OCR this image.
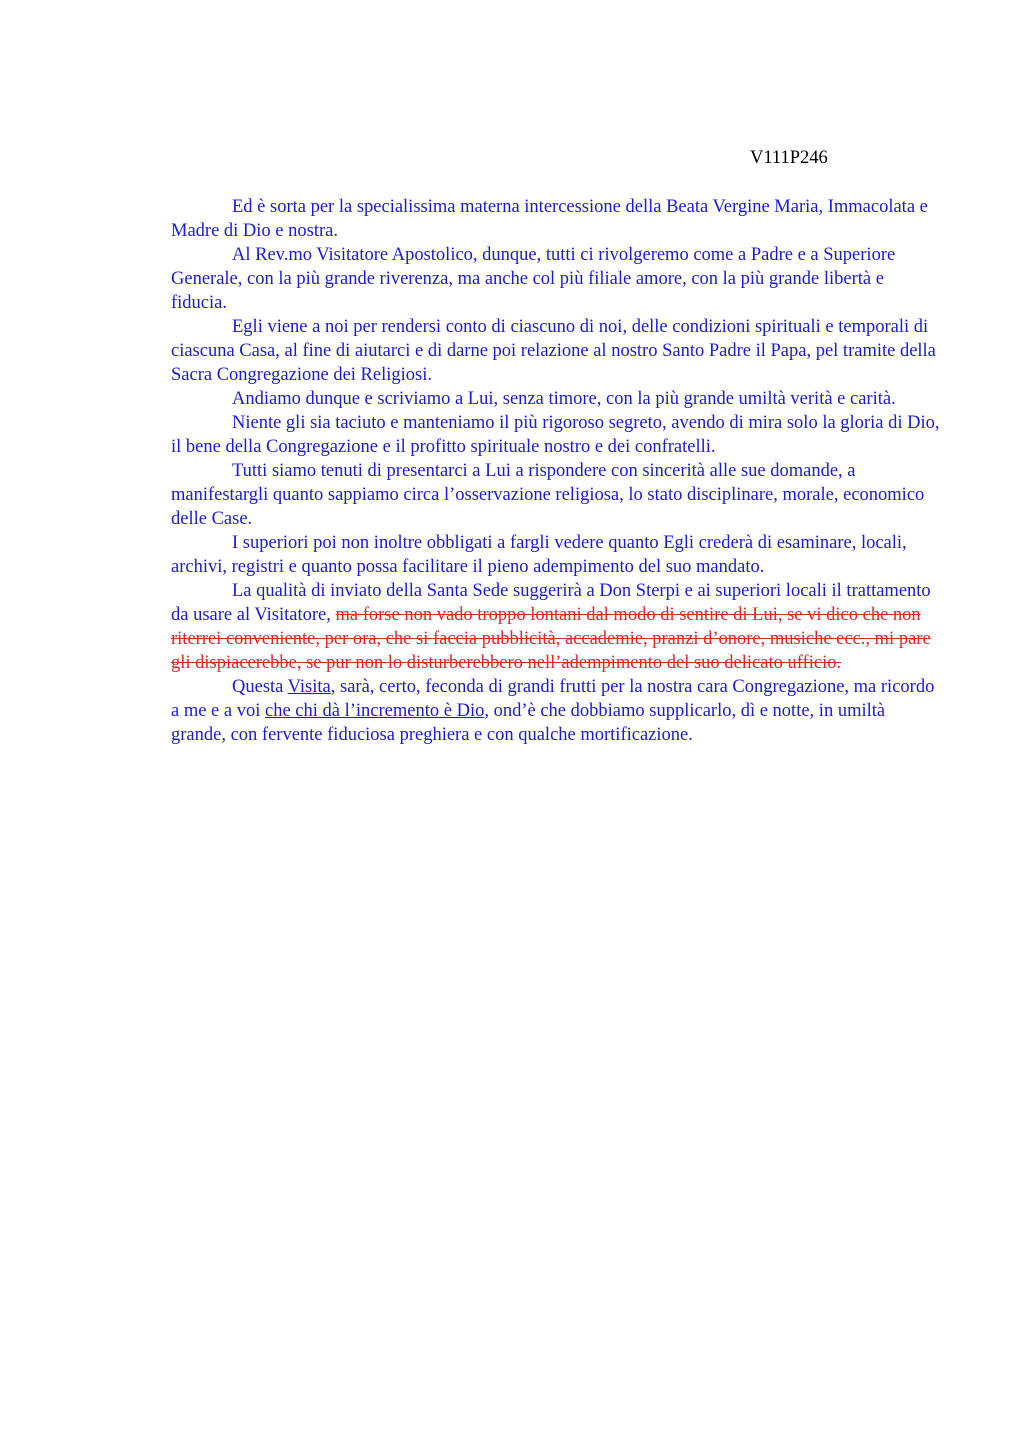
V111P246

Ed è sorta per la specialissima materna intercessione della Beata Vergine Maria, Immacolata e Madre di Dio e nostra.

Al Rev.mo Visitatore Apostolico, dunque, tutti ci rivolgeremo come a Padre e a Superiore Generale, con la più grande riverenza, ma anche col più filiale amore, con la più grande libertà e fiducia.

Egli viene a noi per rendersi conto di ciascuno di noi, delle condizioni spirituali e temporali di ciascuna Casa, al fine di aiutarci e di darne poi relazione al nostro Santo Padre il Papa, pel tramite della Sacra Congregazione dei Religiosi.

Andiamo dunque e scriviamo a Lui, senza timore, con la più grande umiltà verità e carità.

Niente gli sia taciuto e manteniamo il più rigoroso segreto, avendo di mira solo la gloria di Dio, il bene della Congregazione e il profitto spirituale nostro e dei confratelli.

Tutti siamo tenuti di presentarci a Lui a rispondere con sincerità alle sue domande, a manifestargli quanto sappiamo circa l’osservazione religiosa, lo stato disciplinare, morale, economico delle Case.

I superiori poi non inoltre obbligati a fargli vedere quanto Egli crederà di esaminare, locali, archivi, registri e quanto possa facilitare il pieno adempimento del suo mandato.

La qualità di inviato della Santa Sede suggerirà a Don Sterpi e ai superiori locali il trattamento da usare al Visitatore, ma forse non vado troppo lontani dal modo di sentire di Lui, se vi dico che non riterrei conveniente, per ora, che si faccia pubblicità, accademie, pranzi d’onore, musiche ecc., mi pare gli dispiacerebbe, se pur non lo disturberebbero nell’adempimento del suo delicato ufficio.

Questa Visita, sarà, certo, feconda di grandi frutti per la nostra cara Congregazione, ma ricordo a me e a voi che chi dà l’incremento è Dio, ond’è che dobbiamo supplicarlo, dì e notte, in umiltà grande, con fervente fiduciosa preghiera e con qualche mortificazione.
